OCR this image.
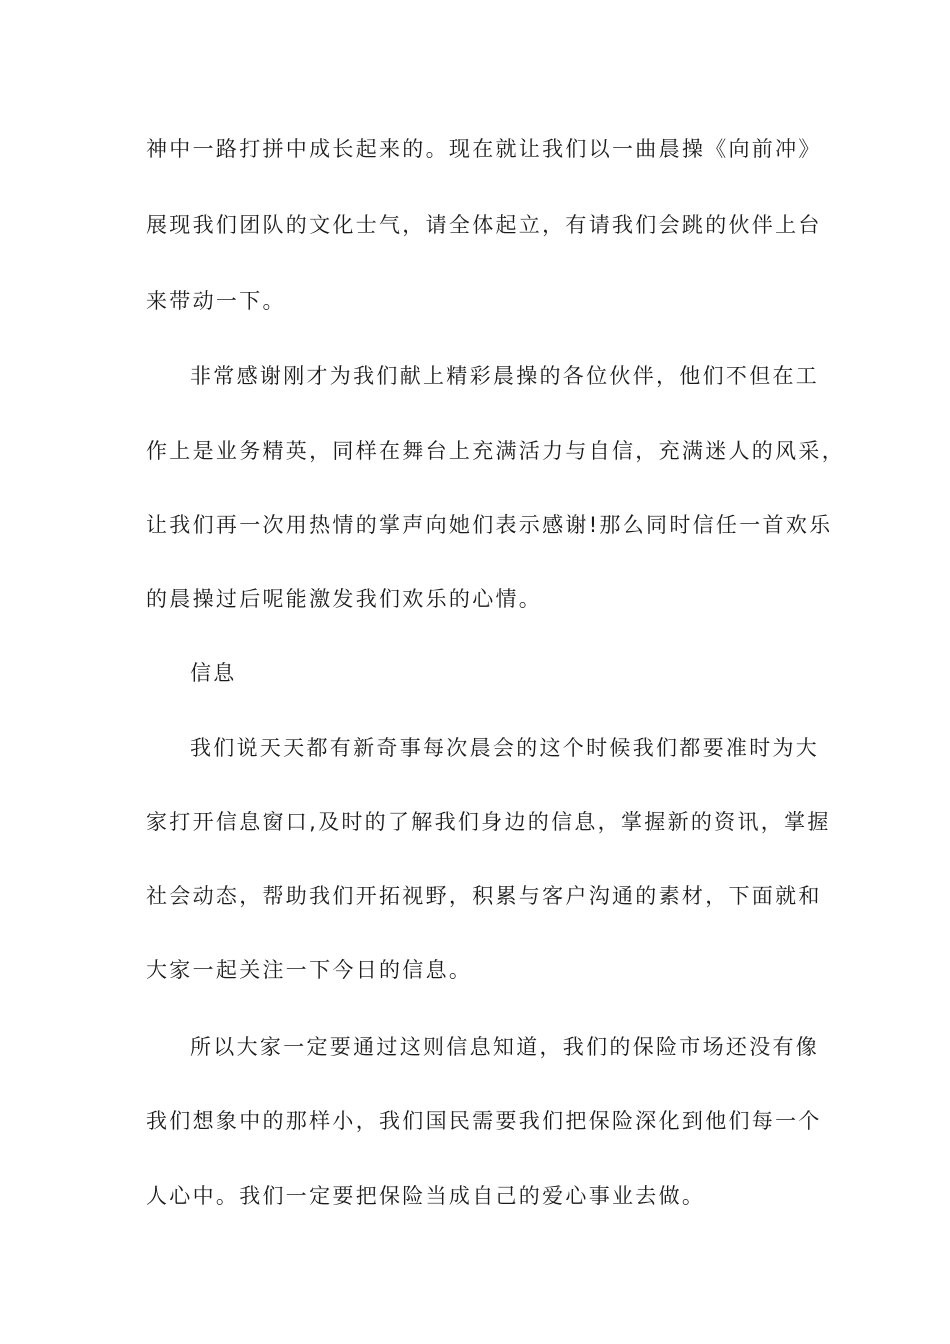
神中一路打拼中成长起来的。现在就让我们以一曲晨操《向前冲》

展现我们团队的文化士气，请全体起立，有请我们会跳的伙伴上台

来带动一下。

非常感谢刚才为我们献上精彩晨操的各位伙伴，他们不但在工

作上是业务精英，同样在舞台上充满活力与自信，充满迷人的风采，

让我们再一次用热情的掌声向她们表示感谢!那么同时信任一首欢乐

的晨操过后呢能激发我们欢乐的心情。

信息

我们说天天都有新奇事每次晨会的这个时候我们都要准时为大

家打开信息窗口,及时的了解我们身边的信息，掌握新的资讯，掌握

社会动态，帮助我们开拓视野，积累与客户沟通的素材，下面就和

大家一起关注一下今日的信息。

所以大家一定要通过这则信息知道，我们的保险市场还没有像

我们想象中的那样小，我们国民需要我们把保险深化到他们每一个

人心中。我们一定要把保险当成自己的爱心事业去做。
